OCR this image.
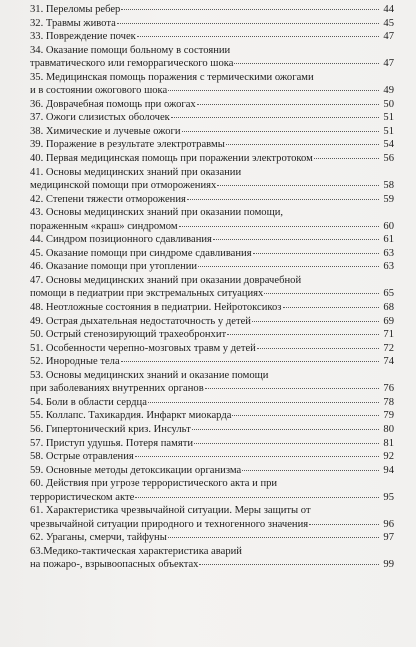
31. Переломы ребер	44
32. Травмы живота	45
33. Повреждение почек	47
34. Оказание помощи больному в состоянии
травматического или геморрагического шока	47
35. Медицинская помощь поражения с термическими ожогами
и в состоянии ожогового шока	49
36. Доврачебная помощь при ожогах	50
37. Ожоги слизистых оболочек	51
38. Химические и лучевые ожоги	51
39. Поражение в результате электротравмы	54
40. Первая медицинская помощь при поражении электротоком	56
41. Основы медицинских знаний при оказании
медицинской помощи при отморожениях	58
42. Степени тяжести отморожения	59
43. Основы медицинских знаний при оказании помощи,
пораженным «краш» синдромом	60
44. Синдром позиционного сдавливания	61
45. Оказание помощи при синдроме сдавливания	63
46. Оказание помощи при утоплении	63
47. Основы медицинских знаний при оказании доврачебной
помощи в педиатрии при экстремальных ситуациях	65
48. Неотложные состояния в педиатрии. Нейротоксикоз	68
49. Острая дыхательная недостаточность у детей	69
50. Острый стенозирующий трахеобронхит	71
51. Особенности черепно-мозговых травм у детей	72
52. Инородные тела	74
53. Основы медицинских знаний и оказание помощи
при заболеваниях внутренних органов	76
54. Боли в области сердца	78
55. Коллапс. Тахикардия. Инфаркт миокарда	79
56. Гипертонический криз. Инсульт	80
57. Приступ удушья. Потеря памяти	81
58. Острые отравления	92
59. Основные методы детоксикации организма	94
60. Действия при угрозе террористического акта и при
террористическом акте	95
61. Характеристика чрезвычайной ситуации. Меры защиты от
чрезвычайной ситуации природного и техногенного значения	96
62. Ураганы, смерчи, тайфуны	97
63.Медико-тактическая характеристика аварий
на пожаро-, взрывоопасных объектах	99
